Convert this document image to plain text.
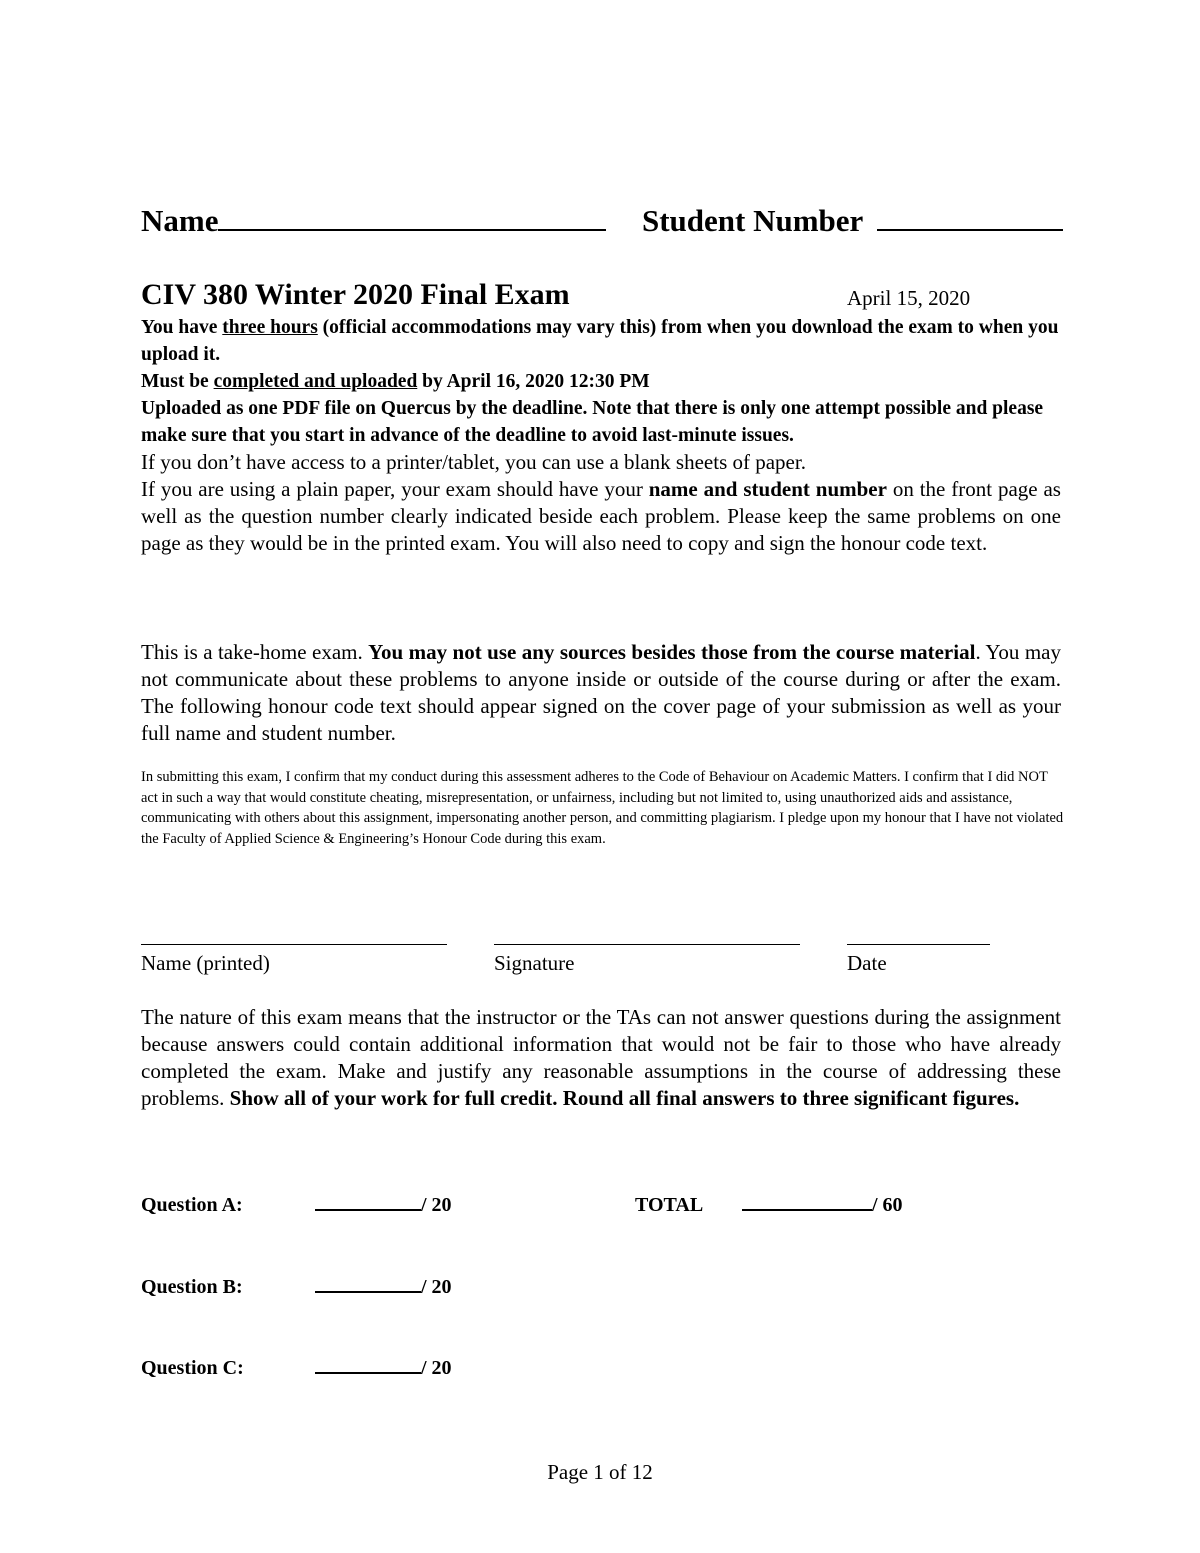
Name	Student Number
CIV 380 Winter 2020 Final Exam	April 15, 2020

You have three hours (official accommodations may vary this) from when you download the exam to when you upload it.

Must be completed and uploaded by April 16, 2020 12:30 PM

Uploaded as one PDF file on Quercus by the deadline. Note that there is only one attempt possible and please make sure that you start in advance of the deadline to avoid last-minute issues.

If you don’t have access to a printer/tablet, you can use a blank sheets of paper.

If you are using a plain paper, your exam should have your name and student number on the front page as well as the question number clearly indicated beside each problem. Please keep the same problems on one page as they would be in the printed exam. You will also need to copy and sign the honour code text.

This is a take-home exam. You may not use any sources besides those from the course material. You may not communicate about these problems to anyone inside or outside of the course during or after the exam. The following honour code text should appear signed on the cover page of your submission as well as your full name and student number.

In submitting this exam, I confirm that my conduct during this assessment adheres to the Code of Behaviour on Academic Matters. I confirm that I did NOT act in such a way that would constitute cheating, misrepresentation, or unfairness, including but not limited to, using unauthorized aids and assistance, communicating with others about this assignment, impersonating another person, and committing plagiarism. I pledge upon my honour that I have not violated the Faculty of Applied Science & Engineering’s Honour Code during this exam.

Name (printed)	Signature	Date

The nature of this exam means that the instructor or the TAs can not answer questions during the assignment because answers could contain additional information that would not be fair to those who have already completed the exam. Make and justify any reasonable assumptions in the course of addressing these problems. Show all of your work for full credit. Round all final answers to three significant figures.

Question A:	/ 20	TOTAL	/ 60
Question B:	/ 20
Question C:	/ 20
Page 1 of 12
